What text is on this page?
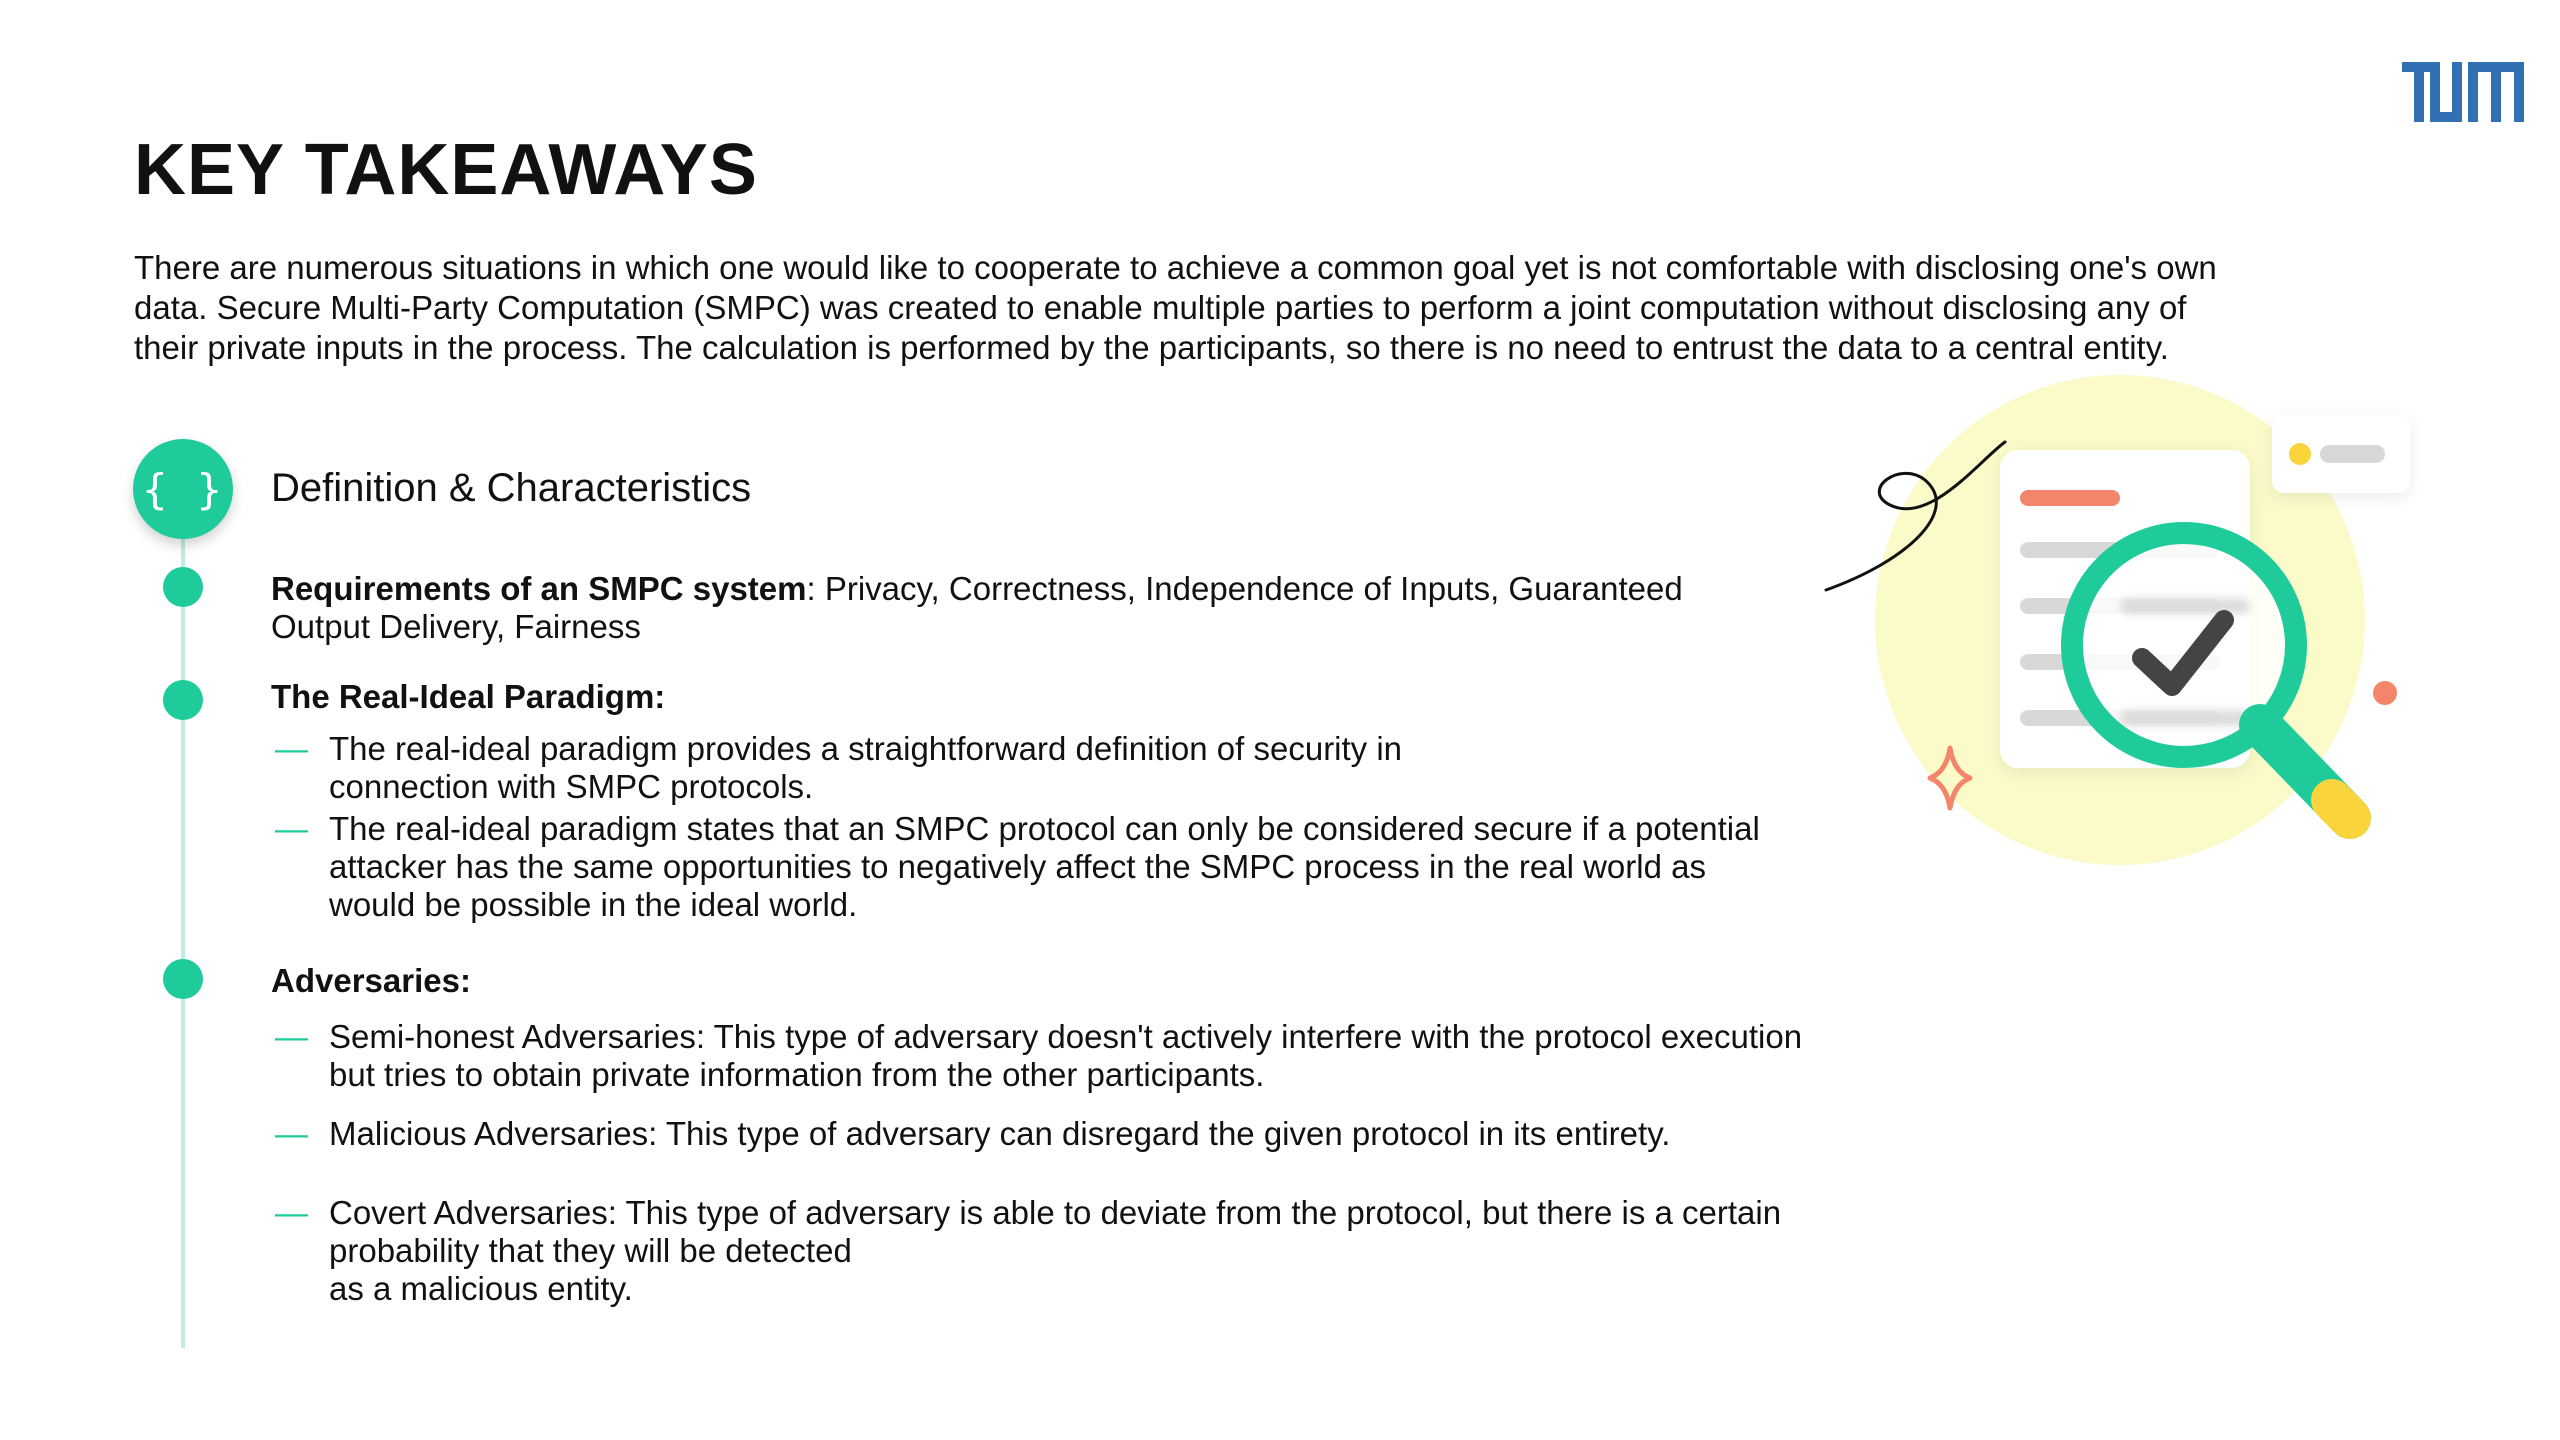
KEY TAKEAWAYS

There are numerous situations in which one would like to cooperate to achieve a common goal yet is not comfortable with disclosing one's own
data. Secure Multi-Party Computation (SMPC) was created to enable multiple parties to perform a joint computation without disclosing any of
their private inputs in the process. The calculation is performed by the participants, so there is no need to entrust the data to a central entity.

{ } Definition & Characteristics
Requirements of an SMPC system: Privacy, Correctness, Independence of Inputs, Guaranteed
Output Delivery, Fairness
The Real-Ideal Paradigm:
— The real-ideal paradigm provides a straightforward definition of security in
connection with SMPC protocols.
— The real-ideal paradigm states that an SMPC protocol can only be considered secure if a potential
attacker has the same opportunities to negatively affect the SMPC process in the real world as
would be possible in the ideal world.
Adversaries:
— Semi-honest Adversaries: This type of adversary doesn't actively interfere with the protocol execution
but tries to obtain private information from the other participants.
— Malicious Adversaries: This type of adversary can disregard the given protocol in its entirety.
— Covert Adversaries: This type of adversary is able to deviate from the protocol, but there is a certain
probability that they will be detected
as a malicious entity.
